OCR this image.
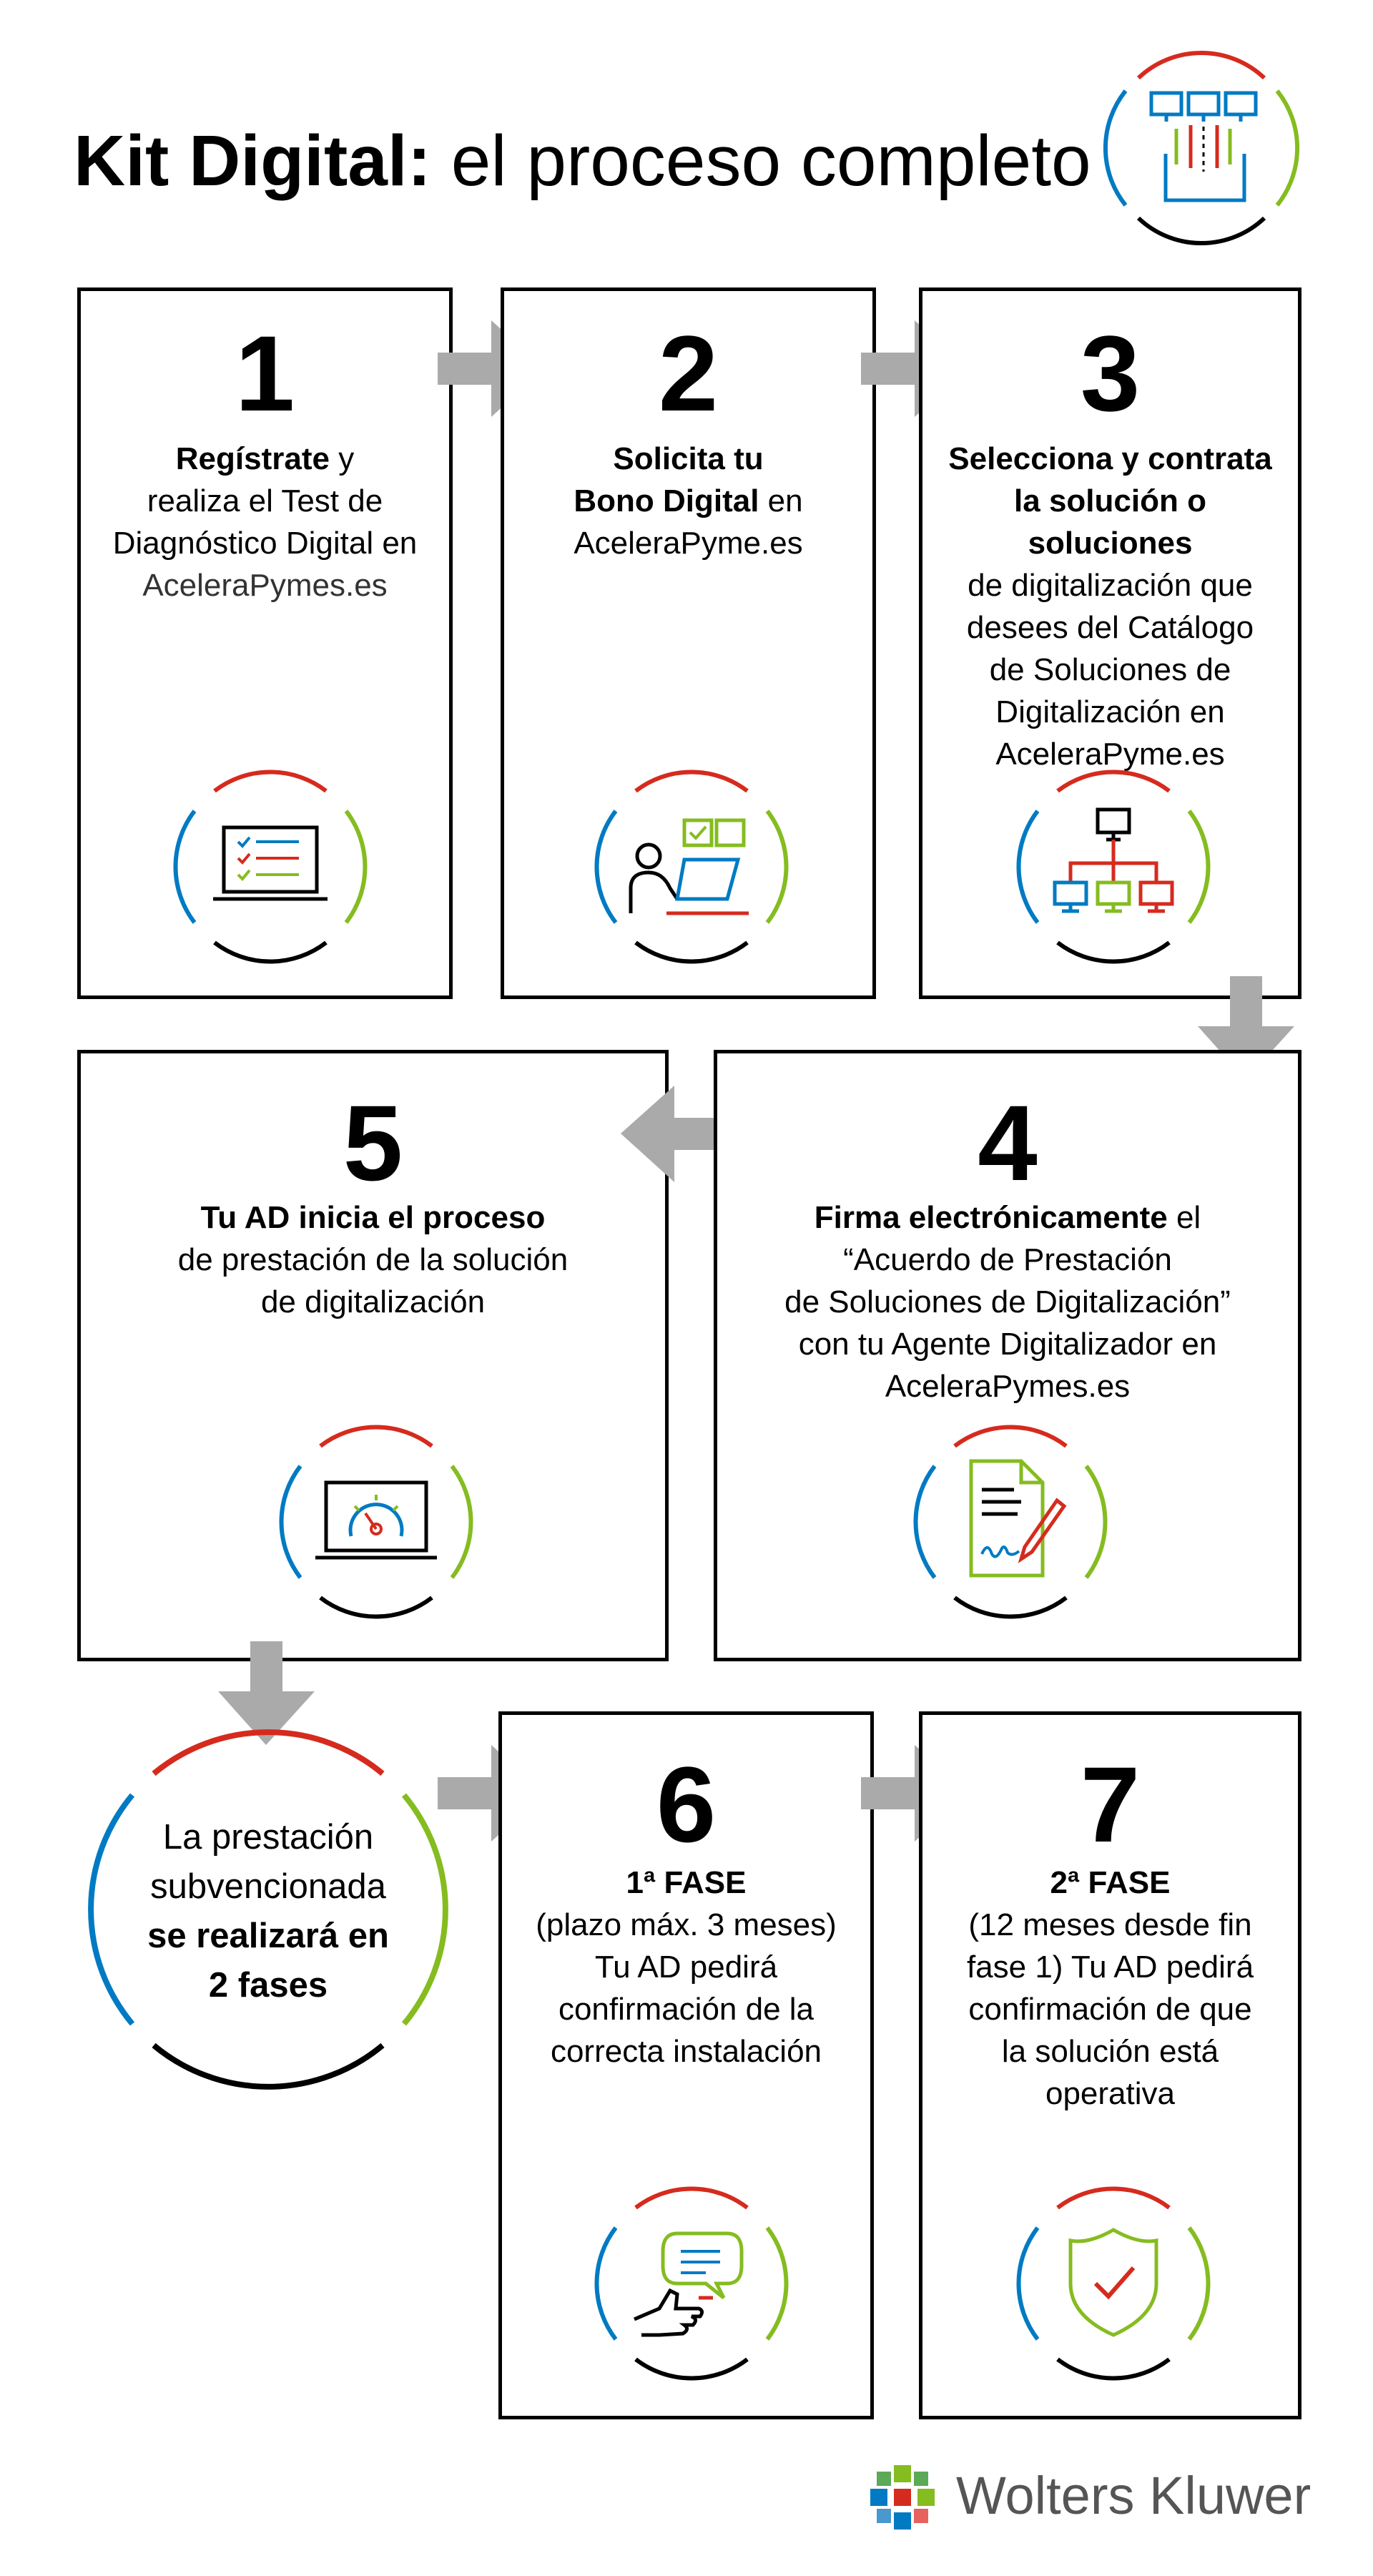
Kit Digital: el proceso completo
1
Regístrate y
realiza el Test de
Diagnóstico Digital en
AceleraPymes.es
2
Solicita tu
Bono Digital en
AceleraPyme.es
3
Selecciona y contrata
la solución o soluciones
de digitalización que
desees del Catálogo
de Soluciones de
Digitalización en
AceleraPyme.es
5
Tu AD inicia el proceso
de prestación de la solución
de digitalización
4
Firma electrónicamente el
“Acuerdo de Prestación
de Soluciones de Digitalización”
con tu Agente Digitalizador en
AceleraPymes.es
La prestación
subvencionada
se realizará en
2 fases
6
1ª FASE
(plazo máx. 3 meses)
Tu AD pedirá
confirmación de la
correcta instalación
7
2ª FASE
(12 meses desde fin
fase 1) Tu AD pedirá
confirmación de que
la solución está
operativa
Wolters Kluwer
